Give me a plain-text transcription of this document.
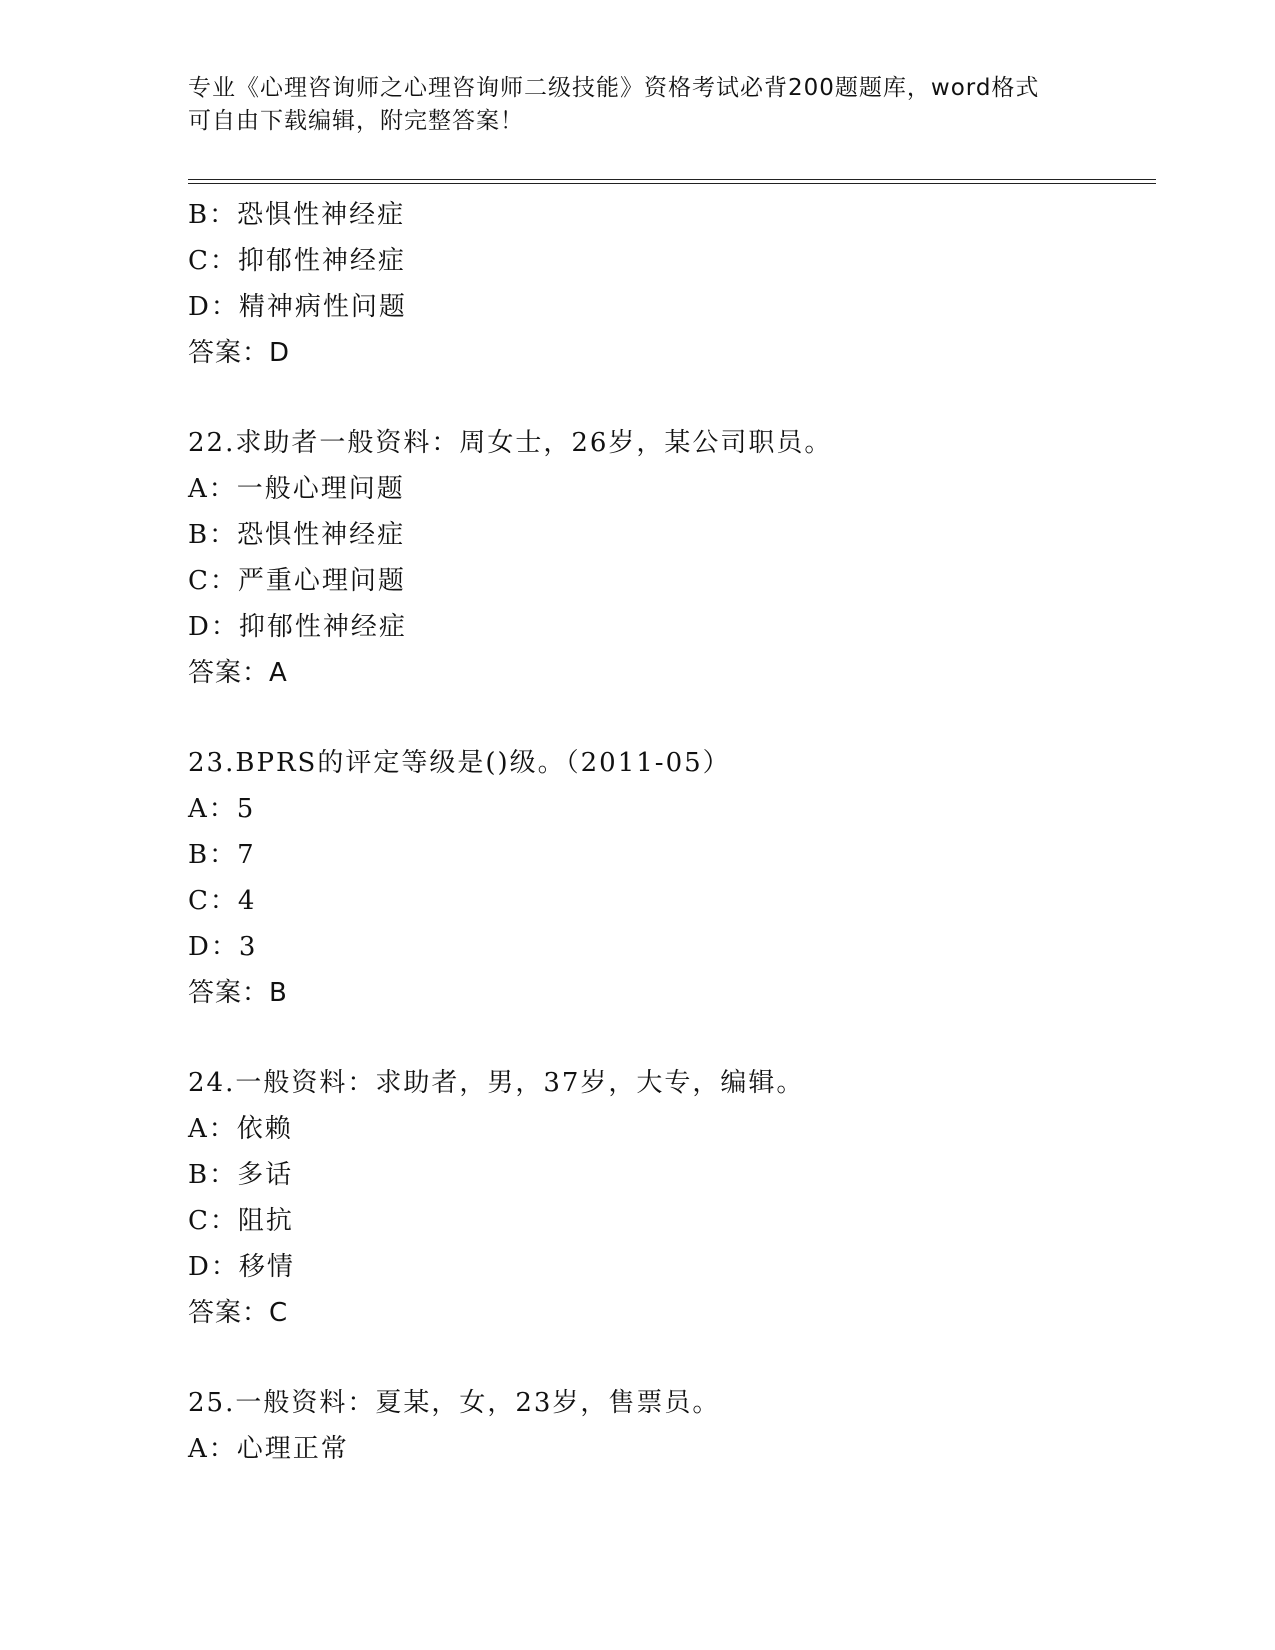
专业《心理咨询师之心理咨询师二级技能》资格考试必背200题题库，word格式
可自由下载编辑，附完整答案！
B：恐惧性神经症
C：抑郁性神经症
D：精神病性问题
答案：D
22.求助者一般资料：周女士，26岁，某公司职员。
A：一般心理问题
B：恐惧性神经症
C：严重心理问题
D：抑郁性神经症
答案：A
23.BPRS的评定等级是()级。（2011-05）
A：5
B：7
C：4
D：3
答案：B
24.一般资料：求助者，男，37岁，大专，编辑。
A：依赖
B：多话
C：阻抗
D：移情
答案：C
25.一般资料：夏某，女，23岁，售票员。
A：心理正常
